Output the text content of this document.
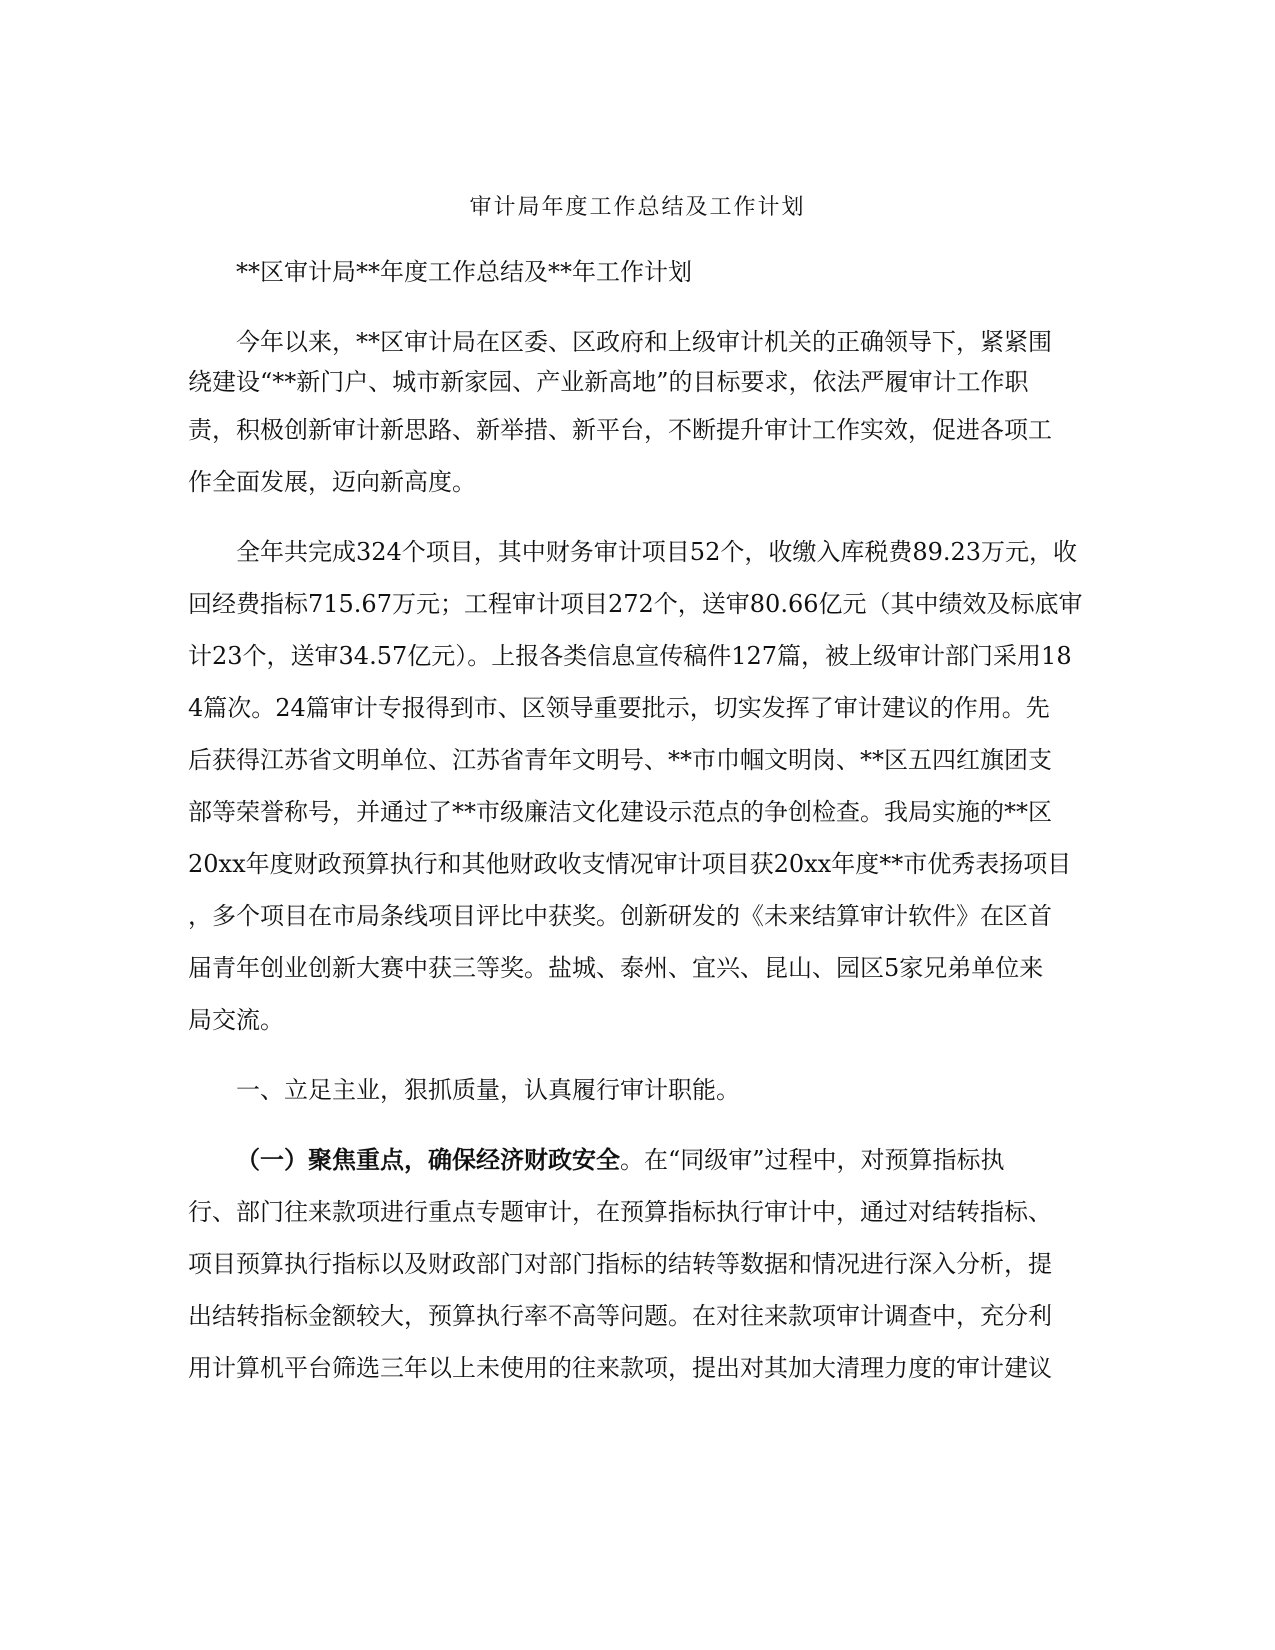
审计局年度工作总结及工作计划
**区审计局**年度工作总结及**年工作计划
今年以来，**区审计局在区委、区政府和上级审计机关的正确领导下，紧紧围
绕建设“**新门户、城市新家园、产业新高地”的目标要求，依法严履审计工作职
责，积极创新审计新思路、新举措、新平台，不断提升审计工作实效，促进各项工
作全面发展，迈向新高度。
全年共完成324个项目，其中财务审计项目52个，收缴入库税费89.23万元，收
回经费指标715.67万元；工程审计项目272个，送审80.66亿元（其中绩效及标底审
计23个，送审34.57亿元）。上报各类信息宣传稿件127篇，被上级审计部门采用18
4篇次。24篇审计专报得到市、区领导重要批示，切实发挥了审计建议的作用。先
后获得江苏省文明单位、江苏省青年文明号、**市巾帼文明岗、**区五四红旗团支
部等荣誉称号，并通过了**市级廉洁文化建设示范点的争创检查。我局实施的**区
20xx年度财政预算执行和其他财政收支情况审计项目获20xx年度**市优秀表扬项目
，多个项目在市局条线项目评比中获奖。创新研发的《未来结算审计软件》在区首
届青年创业创新大赛中获三等奖。盐城、泰州、宜兴、昆山、园区5家兄弟单位来
局交流。
一、立足主业，狠抓质量，认真履行审计职能。
（一）聚焦重点，确保经济财政安全。在“同级审”过程中，对预算指标执
行、部门往来款项进行重点专题审计，在预算指标执行审计中，通过对结转指标、
项目预算执行指标以及财政部门对部门指标的结转等数据和情况进行深入分析，提
出结转指标金额较大，预算执行率不高等问题。在对往来款项审计调查中，充分利
用计算机平台筛选三年以上未使用的往来款项，提出对其加大清理力度的审计建议
